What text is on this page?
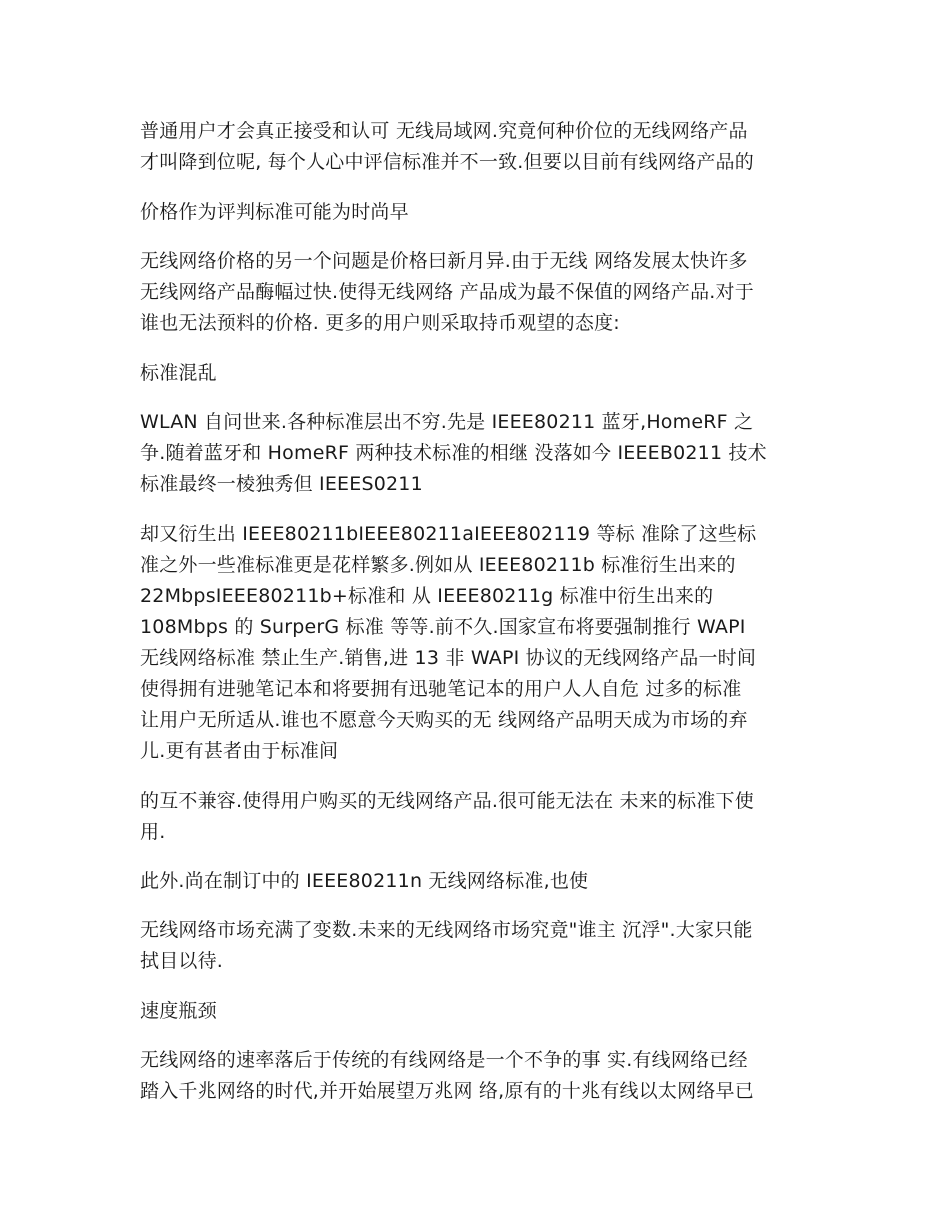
普通用户才会真正接受和认可 无线局域网.究竟何种价位的无线网络产品
才叫降到位呢, 每个人心中评信标准并不一致.但要以目前有线网络产品的
价格作为评判标准可能为时尚早
无线网络价格的另一个问题是价格曰新月异.由于无线 网络发展太快许多
无线网络产品酶幅过快.使得无线网络 产品成为最不保值的网络产品.对于
谁也无法预料的价格. 更多的用户则采取持币观望的态度:
标准混乱
WLAN 自问世来.各种标准层出不穷.先是 IEEE80211 蓝牙,HomeRF 之
争.随着蓝牙和 HomeRF 两种技术标准的相继 没落如今 IEEEB0211 技术
标准最终一棱独秀但 IEEES0211
却又衍生出 IEEE80211bIEEE80211aIEEE802119 等标 准除了这些标
准之外一些准标准更是花样繁多.例如从 IEEE80211b 标准衍生出来的
22MbpsIEEE80211b+标准和 从 IEEE80211g 标准中衍生出来的
108Mbps 的 SurperG 标准 等等.前不久.国家宣布将要强制推行 WAPI
无线网络标准 禁止生产.销售,进 13 非 WAPI 协议的无线网络产品一时间
使得拥有进驰笔记本和将要拥有迅驰笔记本的用户人人自危 过多的标准
让用户无所适从.谁也不愿意今天购买的无 线网络产品明天成为市场的弃
儿.更有甚者由于标准间
的互不兼容.使得用户购买的无线网络产品.很可能无法在 未来的标准下使
用.
此外.尚在制订中的 IEEE80211n 无线网络标准,也使
无线网络市场充满了变数.未来的无线网络市场究竟"谁主 沉浮".大家只能
拭目以待.
速度瓶颈
无线网络的速率落后于传统的有线网络是一个不争的事 实.有线网络已经
踏入千兆网络的时代,并开始展望万兆网 络,原有的十兆有线以太网络早已
